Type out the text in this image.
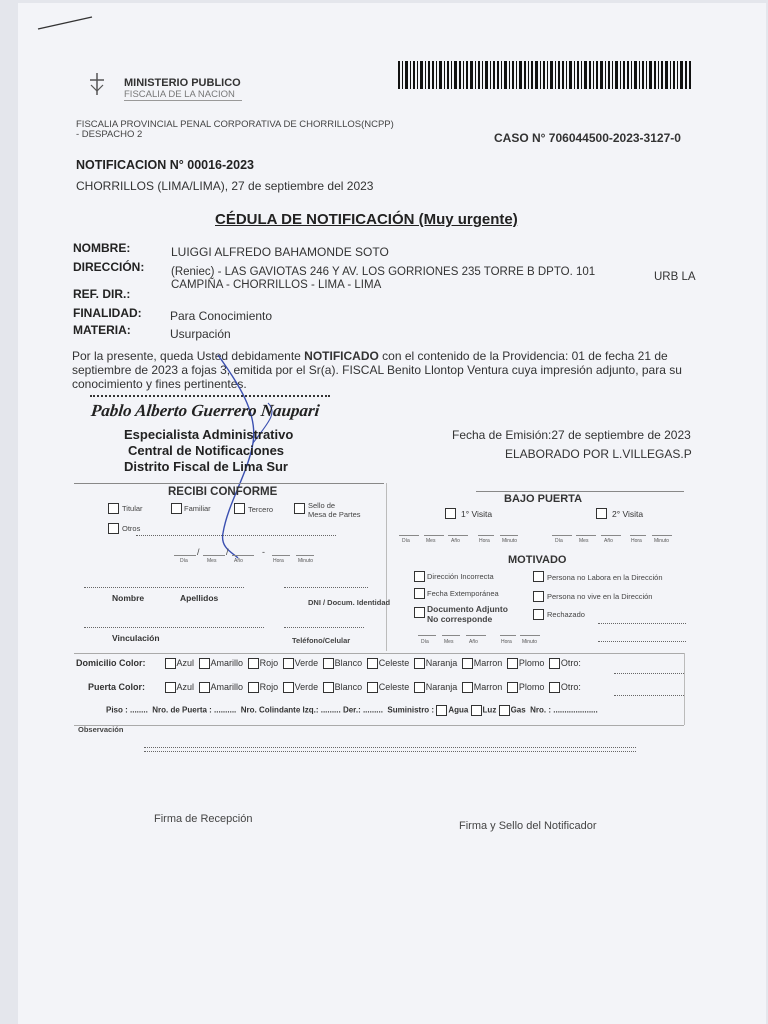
MINISTERIO PUBLICO
FISCALIA DE LA NACION
FISCALIA PROVINCIAL PENAL CORPORATIVA DE CHORRILLOS(NCPP)
- DESPACHO 2	CASO N° 706044500-2023-3127-0
NOTIFICACION N° 00016-2023
CHORRILLOS (LIMA/LIMA), 27 de septiembre del 2023
CÉDULA DE NOTIFICACIÓN (Muy urgente)
NOMBRE:	LUIGGI ALFREDO BAHAMONDE SOTO
DIRECCIÓN: (Reniec) - LAS GAVIOTAS 246 Y AV. LOS GORRIONES 235 TORRE B DPTO. 101	URB LA
CAMPIÑA - CHORRILLOS - LIMA - LIMA
REF. DIR.:
FINALIDAD: Para Conocimiento
MATERIA:	Usurpación
Por la presente, queda Usted debidamente NOTIFICADO con el contenido de la Providencia: 01 de fecha 21 de
septiembre de 2023 a fojas 3, emitida por el Sr(a). FISCAL Benito Llontop Ventura cuya impresión adjunto, para su
conocimiento y fines pertinentes.
Pablo Alberto Guerrero Naupari
Especialista Administrativo
Central de Notificaciones
Distrito Fiscal de Lima Sur
Fecha de Emisión:27 de septiembre de 2023
ELABORADO POR L.VILLEGAS.P
RECIBI CONFORME
Titular	Familiar	Tercero	Sello de
Mesa de Partes
Otros
/	/	-
Día	Mes	Año	Hora	Minuto
Nombre	Apellidos	DNI / Docum. Identidad
Vinculación	Teléfono/Celular
BAJO PUERTA
1° Visita	2° Visita
Día	Mes	Año	Hora Minuto	Día	Mes	Año	Hora Minuto
MOTIVADO
Dirección Incorrecta	Persona no Labora en la Dirección
Fecha Extemporánea	Persona no vive en la Dirección
Documento Adjunto
No corresponde	Rechazado
Día	Mes	Año	Hora Minuto
Domicilio Color:	Azul Amarillo Rojo Verde Blanco Celeste Naranja Marron Plomo Otro:
Puerta Color:	Azul Amarillo Rojo Verde Blanco Celeste Naranja Marron Plomo Otro:
Piso : ........ Nro. de Puerta : .......... Nro. Colindante Izq.: ......... Der.: ......... Suministro : Agua Luz Gas Nro. : ....................
Observación
Firma de Recepción
Firma y Sello del Notificador
